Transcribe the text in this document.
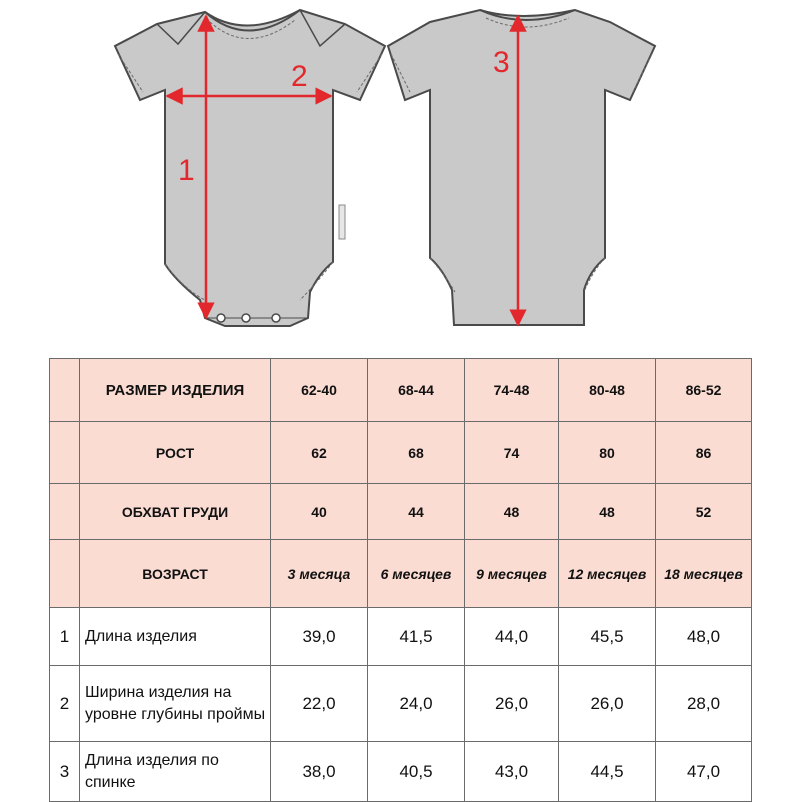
1
2	3
	РАЗМЕР ИЗДЕЛИЯ	62-40	68-44	74-48	80-48	86-52
	РОСТ	62	68	74	80	86
	ОБХВАТ ГРУДИ	40	44	48	48	52
	ВОЗРАСТ	3 месяца	6 месяцев	9 месяцев	12 месяцев	18 месяцев
1	Длина изделия	39,0	41,5	44,0	45,5	48,0
2	Ширина изделия на уровне глубины проймы	22,0	24,0	26,0	26,0	28,0
3	Длина изделия по спинке	38,0	40,5	43,0	44,5	47,0
